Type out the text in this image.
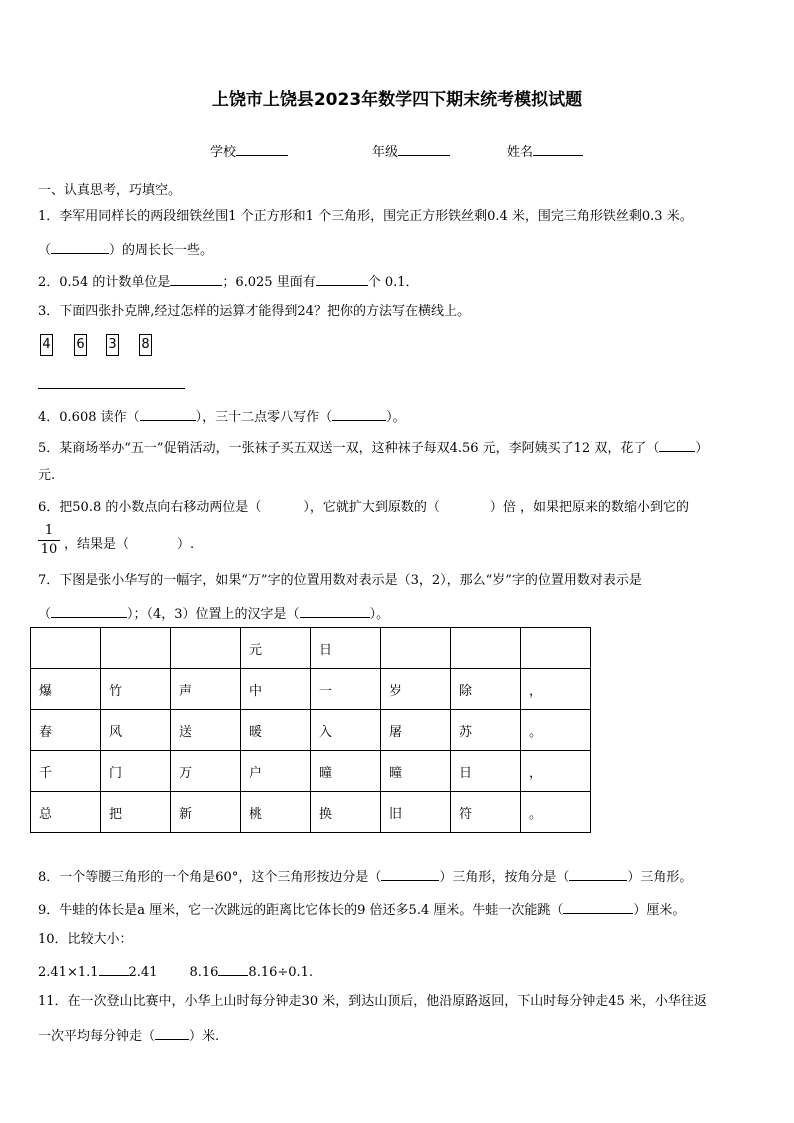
上饶市上饶县2023年数学四下期末统考模拟试题
学校	年级	姓名
一、认真思考，巧填空。
1．李军用同样长的两段细铁丝围1 个正方形和1 个三角形，围完正方形铁丝剩0.4 米，围完三角形铁丝剩0.3 米。
（	）的周长长一些。
2．0.54 的计数单位是	；6.025 里面有	个 0.1．
3．下面四张扑克牌,经过怎样的运算才能得到24？把你的方法写在横线上。
4 6 3 8
4．0.608 读作（	），三十二点零八写作（	）。
5．某商场举办“五一”促销活动，一张袜子买五双送一双，这种袜子每双4.56 元，李阿姨买了12 双，花了（	）
元.
6．把50.8 的小数点向右移动两位是（	），它就扩大到原数的（	）倍 ，如果把原来的数缩小到它的
$\frac{1}{10}$ ，结果是（	）.
7．下图是张小华写的一幅字，如果“万”字的位置用数对表示是（3，2），那么“岁”字的位置用数对表示是
（	）；（4，3）位置上的汉字是（	）。
			元	日			
爆	竹	声	中	一	岁	除	，
春	风	送	暖	入	屠	苏	。
千	门	万	户	曈	曈	日	，
总	把	新	桃	换	旧	符	。
8．一个等腰三角形的一个角是60°，这个三角形按边分是（	）三角形，按角分是（	）三角形。
9．牛蛙的体长是a 厘米，它一次跳远的距离比它体长的9 倍还多5.4 厘米。牛蛙一次能跳（	）厘米。
10．比较大小：
2.41×1.1 2.41 8.16 8.16÷0.1.
11．在一次登山比赛中，小华上山时每分钟走30 米，到达山顶后，他沿原路返回，下山时每分钟走45 米，小华往返
一次平均每分钟走（	）米.
